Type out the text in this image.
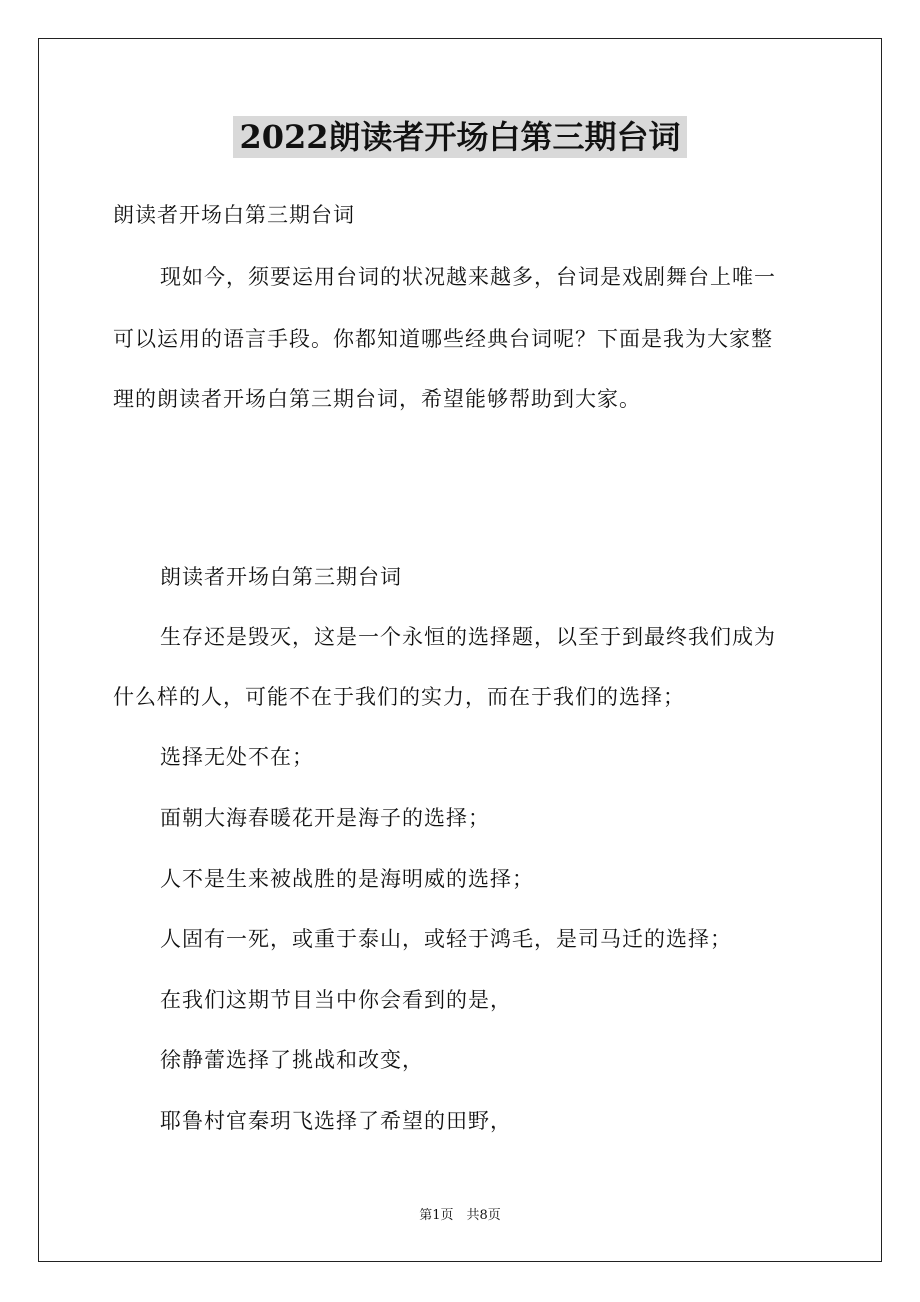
2022朗读者开场白第三期台词

朗读者开场白第三期台词

现如今，须要运用台词的状况越来越多，台词是戏剧舞台上唯一

可以运用的语言手段。你都知道哪些经典台词呢？下面是我为大家整

理的朗读者开场白第三期台词，希望能够帮助到大家。

朗读者开场白第三期台词

生存还是毁灭，这是一个永恒的选择题，以至于到最终我们成为

什么样的人，可能不在于我们的实力，而在于我们的选择；

选择无处不在；

面朝大海春暖花开是海子的选择；

人不是生来被战胜的是海明威的选择；

人固有一死，或重于泰山，或轻于鸿毛，是司马迁的选择；

在我们这期节目当中你会看到的是，

徐静蕾选择了挑战和改变，

耶鲁村官秦玥飞选择了希望的田野，

第1页　共8页
